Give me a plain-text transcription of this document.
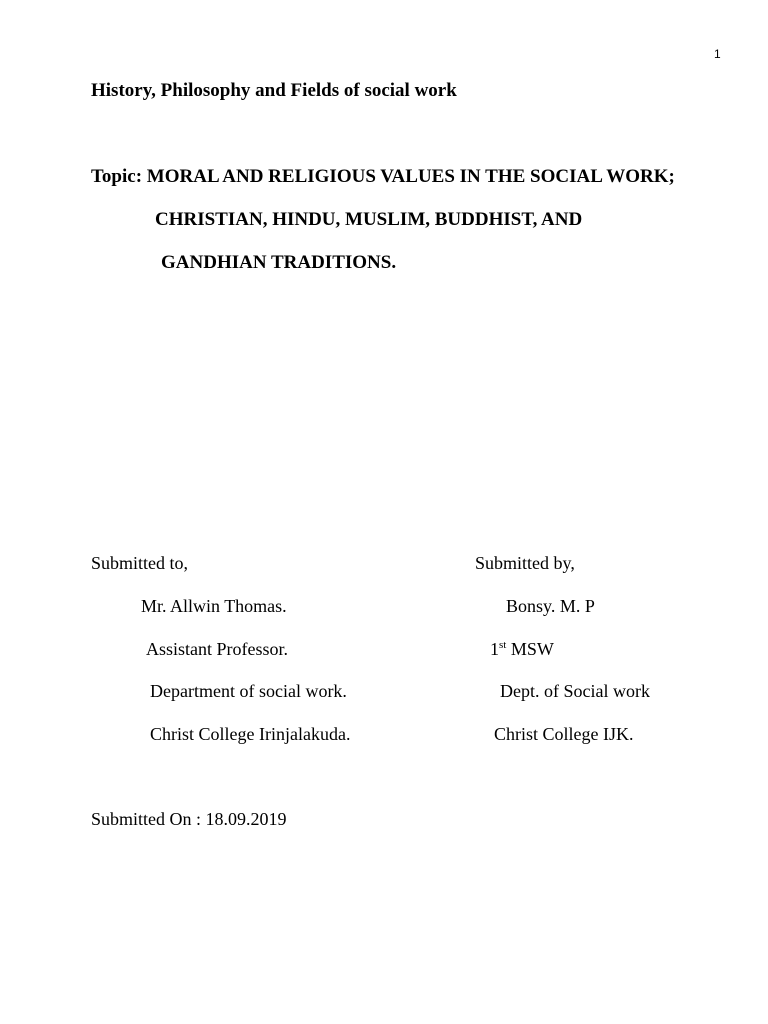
1
History, Philosophy and Fields of social work
Topic: MORAL AND RELIGIOUS VALUES IN THE SOCIAL WORK;
CHRISTIAN, HINDU, MUSLIM, BUDDHIST, AND
GANDHIAN TRADITIONS.
Submitted to,
Mr. Allwin Thomas.
Assistant Professor.
Department of social work.
Christ College Irinjalakuda.
Submitted by,
Bonsy. M. P
1st MSW
Dept. of Social work
Christ College IJK.
Submitted On : 18.09.2019
